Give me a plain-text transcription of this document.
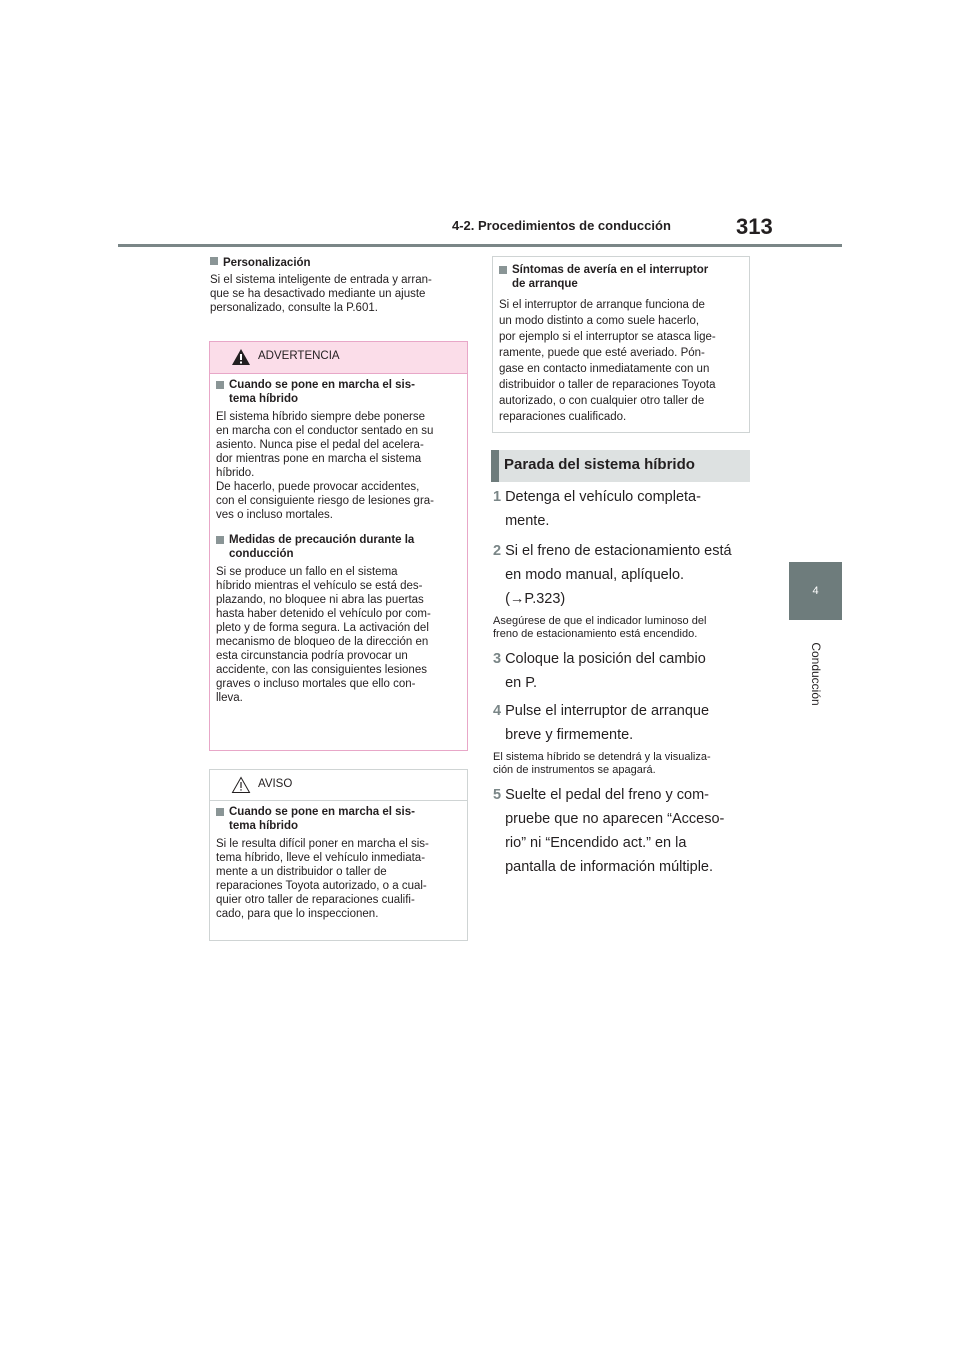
4-2. Procedimientos de conducción	313
4
Conducción
Personalización
Si el sistema inteligente de entrada y arran-
que se ha desactivado mediante un ajuste
personalizado, consulte la P.601.
ADVERTENCIA
Cuando se pone en marcha el sis-
tema híbrido
El sistema híbrido siempre debe ponerse
en marcha con el conductor sentado en su
asiento. Nunca pise el pedal del acelera-
dor mientras pone en marcha el sistema
híbrido.
De hacerlo, puede provocar accidentes,
con el consiguiente riesgo de lesiones gra-
ves o incluso mortales.
Medidas de precaución durante la
conducción
Si se produce un fallo en el sistema
híbrido mientras el vehículo se está des-
plazando, no bloquee ni abra las puertas
hasta haber detenido el vehículo por com-
pleto y de forma segura. La activación del
mecanismo de bloqueo de la dirección en
esta circunstancia podría provocar un
accidente, con las consiguientes lesiones
graves o incluso mortales que ello con-
lleva.
AVISO
Cuando se pone en marcha el sis-
tema híbrido
Si le resulta difícil poner en marcha el sis-
tema híbrido, lleve el vehículo inmediata-
mente a un distribuidor o taller de
reparaciones Toyota autorizado, o a cual-
quier otro taller de reparaciones cualifi-
cado, para que lo inspeccionen.
Síntomas de avería en el interruptor
de arranque
Si el interruptor de arranque funciona de
un modo distinto a como suele hacerlo,
por ejemplo si el interruptor se atasca lige-
ramente, puede que esté averiado. Pón-
gase en contacto inmediatamente con un
distribuidor o taller de reparaciones Toyota
autorizado, o con cualquier otro taller de
reparaciones cualificado.
Parada del sistema híbrido
1 Detenga el vehículo completa-
mente.
2 Si el freno de estacionamiento está
en modo manual, aplíquelo.
(→P.323)
Asegúrese de que el indicador luminoso del
freno de estacionamiento está encendido.
3 Coloque la posición del cambio
en P.
4 Pulse el interruptor de arranque
breve y firmemente.
El sistema híbrido se detendrá y la visualiza-
ción de instrumentos se apagará.
5 Suelte el pedal del freno y com-
pruebe que no aparecen “Acceso-
rio” ni “Encendido act.” en la
pantalla de información múltiple.
